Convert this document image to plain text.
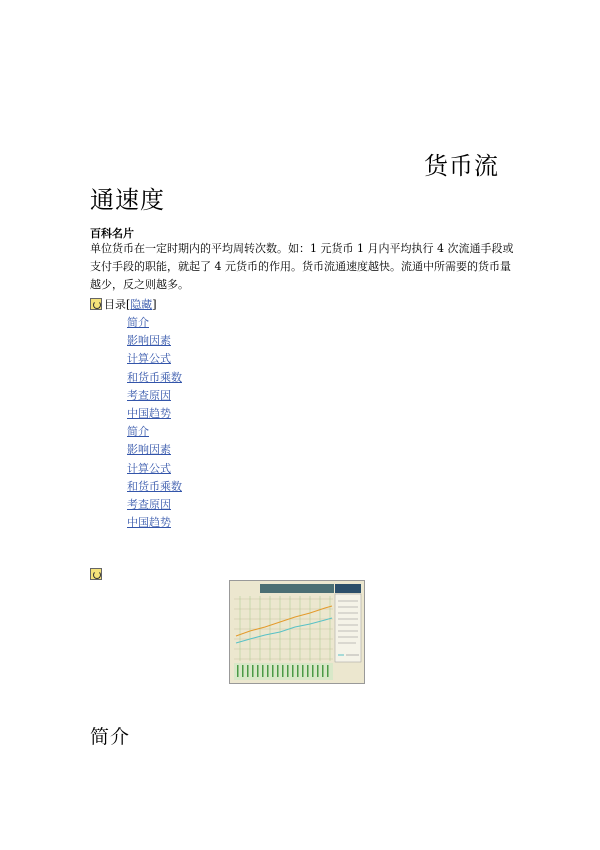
货币流
通速度
百科名片
单位货币在一定时期内的平均周转次数。如：1 元货币 1 月内平均执行 4 次流通手段或支付手段的职能，就起了 4 元货币的作用。货币流通速度越快。流通中所需要的货币量越少，反之则越多。
目录 [ 隐藏 ]
简介
影响因素
计算公式
和货币乘数
考查原因
中国趋势
简介
影响因素
计算公式
和货币乘数
考查原因
中国趋势
简介
